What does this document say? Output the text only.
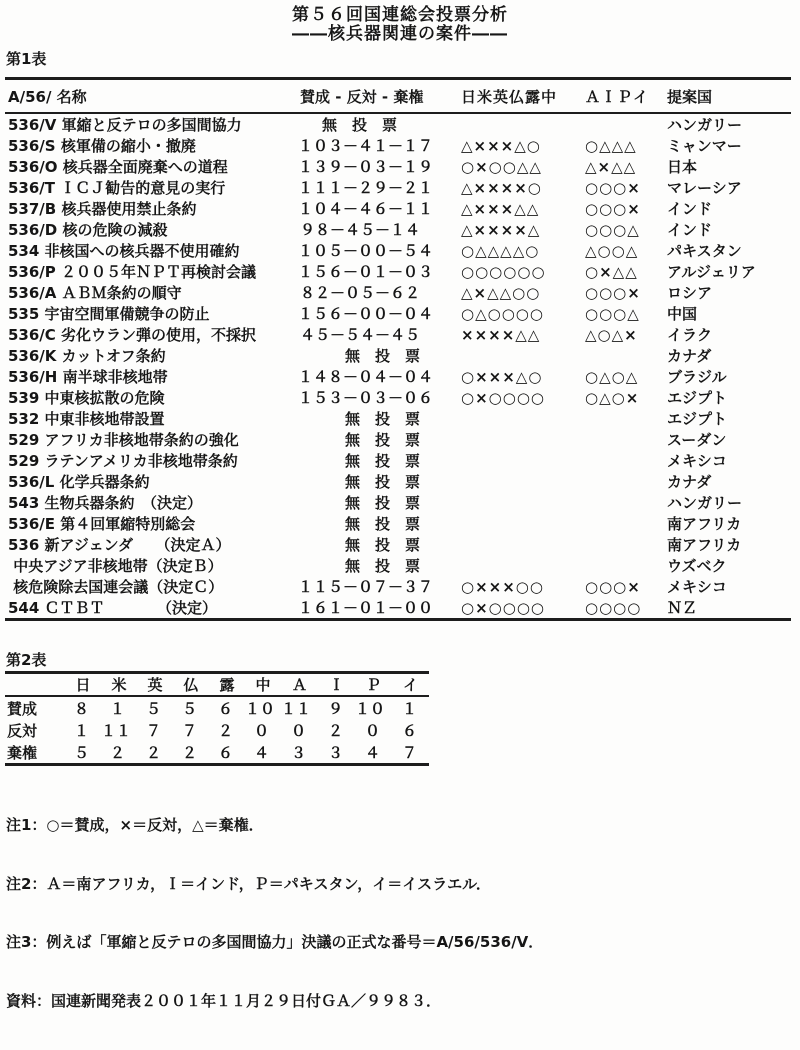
第５６回国連総会投票分析
――核兵器関連の案件――
第1表
A/56/ 名称	賛成 - 反対 - 棄権	日米英仏露中	ＡＩＰイ	提案国
536/V 軍縮と反テロの多国間協力	無　投　票			ハンガリー
536/S 核軍備の縮小・撤廃	１０３－４１－１７	△×××△○	○△△△	ミャンマー
536/O 核兵器全面廃棄への道程	１３９－０３－１９	○×○○△△	△×△△	日本
536/T ＩＣＪ勧告的意見の実行	１１１－２９－２１	△××××○	○○○×	マレーシア
537/B 核兵器使用禁止条約	１０４－４６－１１	△×××△△	○○○×	インド
536/D 核の危険の減殺	９８－４５－１４	△××××△	○○○△	インド
534 非核国への核兵器不使用確約	１０５－００－５４	○△△△△○	△○○△	パキスタン
536/P ２００５年ＮＰＴ再検討会議	１５６－０１－０３	○○○○○○	○×△△	アルジェリア
536/A ＡＢＭ条約の順守	８２－０５－６２	△×△△○○	○○○×	ロシア
535 宇宙空間軍備競争の防止	１５６－００－０４	○△○○○○	○○○△	中国
536/C 劣化ウラン弾の使用，不採択	４５－５４－４５	××××△△	△○△×	イラク
536/K カットオフ条約	無　投　票			カナダ
536/H 南半球非核地帯	１４８－０４－０４	○×××△○	○△○△	ブラジル
539 中東核拡散の危険	１５３－０３－０６	○×○○○○	○△○×	エジプト
532 中東非核地帯設置	無　投　票			エジプト
529 アフリカ非核地帯条約の強化	無　投　票			スーダン
529 ラテンアメリカ非核地帯条約	無　投　票			メキシコ
536/L 化学兵器条約	無　投　票			カナダ
543 生物兵器条約　（決定）	無　投　票			ハンガリー
536/E 第４回軍縮特別総会	無　投　票			南アフリカ
536 新アジェンダ　　（決定Ａ）	無　投　票			南アフリカ
中央アジア非核地帯（決定Ｂ）	無　投　票			ウズベク
核危険除去国連会議（決定Ｃ）	１１５－０７－３７	○×××○○	○○○×	メキシコ
544 ＣＴＢＴ　　　　（決定）	１６１－０１－００	○×○○○○	○○○○	ＮＺ
第2表
	日	米	英	仏	露	中	Ａ	Ｉ	Ｐ	イ
賛成	８	１	５	５	６	１０	１１	９	１０	１
反対	１	１１	７	７	２	０	０	２	０	６
棄権	５	２	２	２	６	４	３	３	４	７

注1：○＝賛成，×＝反対，△＝棄権．

注2：Ａ＝南アフリカ，Ｉ＝インド，Ｐ＝パキスタン，イ＝イスラエル．

注3：例えば「軍縮と反テロの多国間協力」決議の正式な番号＝A/56/536/V．

資料：国連新聞発表２００１年１１月２９日付ＧＡ／９９８３．
